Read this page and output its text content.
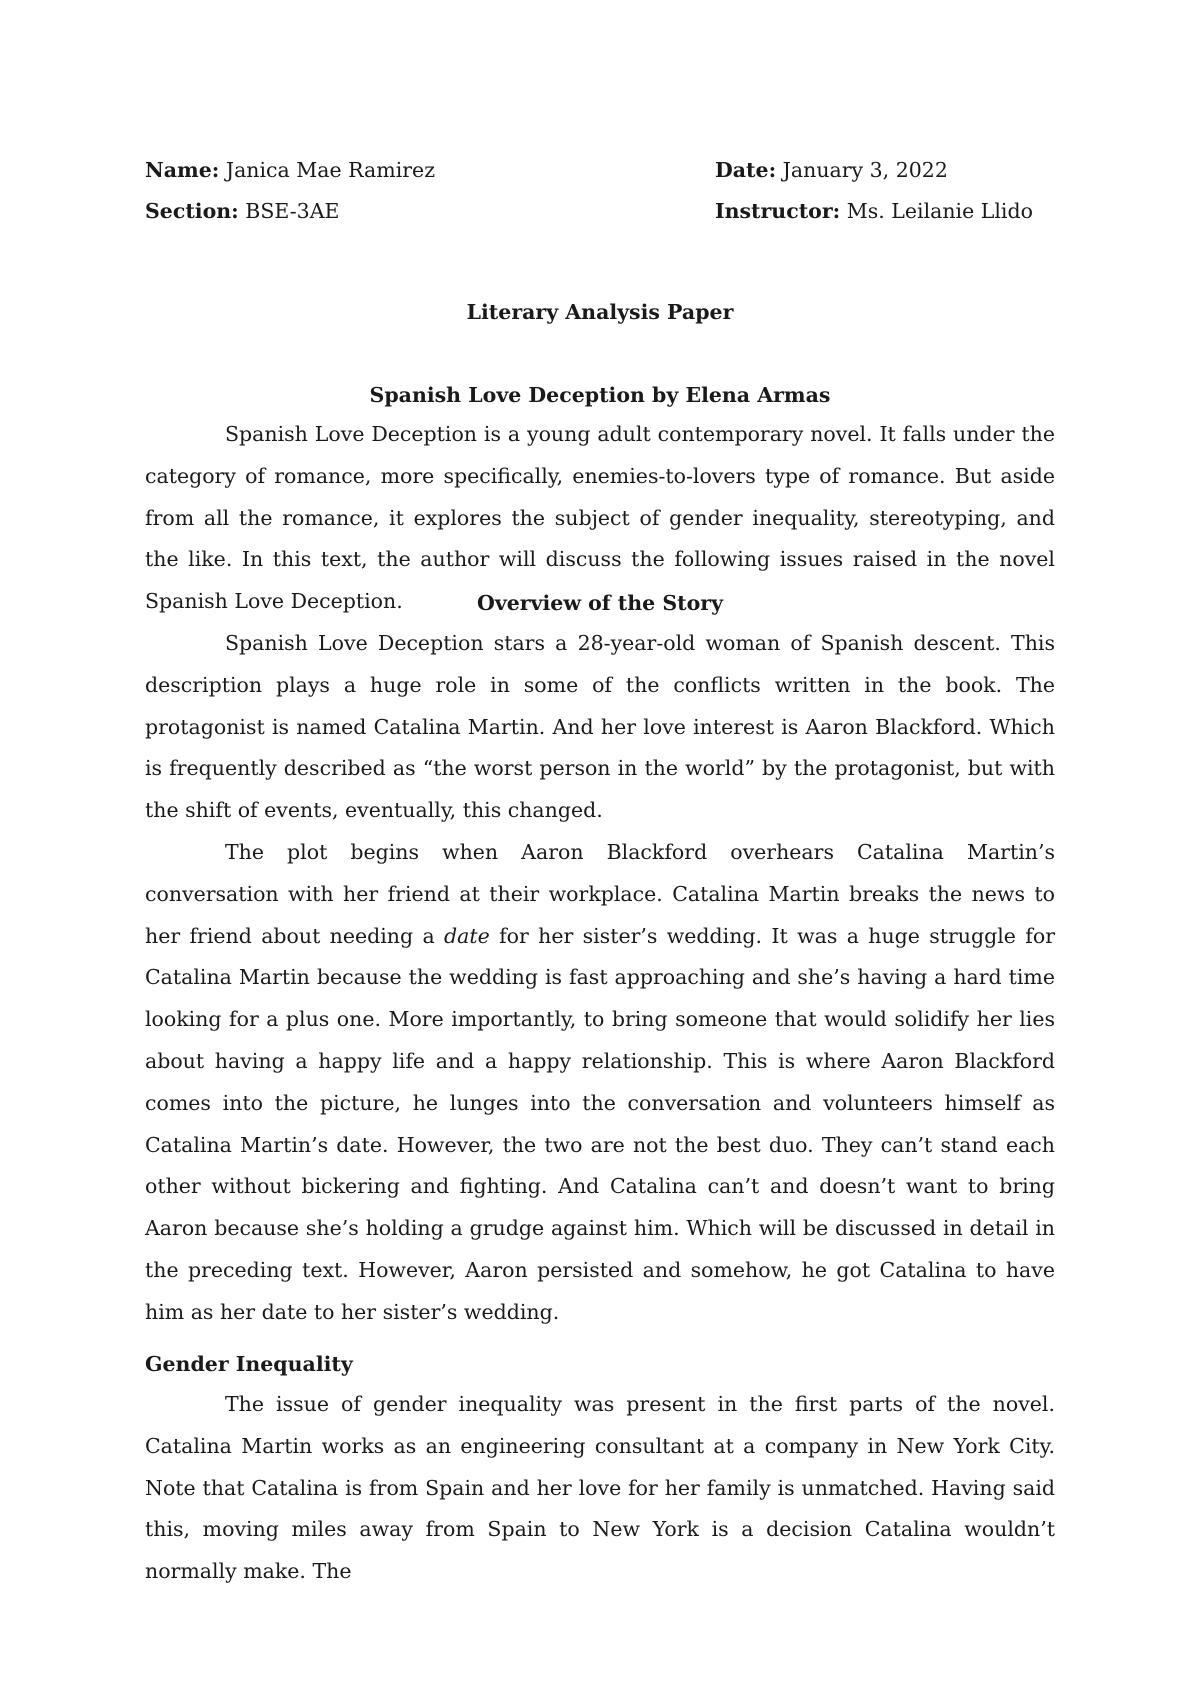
Name: Janica Mae Ramirez	Date: January 3, 2022
Section: BSE-3AE	Instructor: Ms. Leilanie Llido
Literary Analysis Paper
Spanish Love Deception by Elena Armas

Spanish Love Deception is a young adult contemporary novel. It falls under the category of romance, more specifically, enemies-to-lovers type of romance. But aside from all the romance, it explores the subject of gender inequality, stereotyping, and the like. In this text, the author will discuss the following issues raised in the novel Spanish Love Deception.	Overview of the Story

Spanish Love Deception stars a 28-year-old woman of Spanish descent. This description plays a huge role in some of the conflicts written in the book. The protagonist is named Catalina Martin. And her love interest is Aaron Blackford. Which is frequently described as “the worst person in the world” by the protagonist, but with the shift of events, eventually, this changed.

The plot begins when Aaron Blackford overhears Catalina Martin’s conversation with her friend at their workplace. Catalina Martin breaks the news to her friend about needing a date for her sister’s wedding. It was a huge struggle for Catalina Martin because the wedding is fast approaching and she’s having a hard time looking for a plus one. More importantly, to bring someone that would solidify her lies about having a happy life and a happy relationship. This is where Aaron Blackford comes into the picture, he lunges into the conversation and volunteers himself as Catalina Martin’s date. However, the two are not the best duo. They can’t stand each other without bickering and fighting. And Catalina can’t and doesn’t want to bring Aaron because she’s holding a grudge against him. Which will be discussed in detail in the preceding text. However, Aaron persisted and somehow, he got Catalina to have him as her date to her sister’s wedding.

Gender Inequality

The issue of gender inequality was present in the first parts of the novel. Catalina Martin works as an engineering consultant at a company in New York City. Note that Catalina is from Spain and her love for her family is unmatched. Having said this, moving miles away from Spain to New York is a decision Catalina wouldn’t normally make. The
